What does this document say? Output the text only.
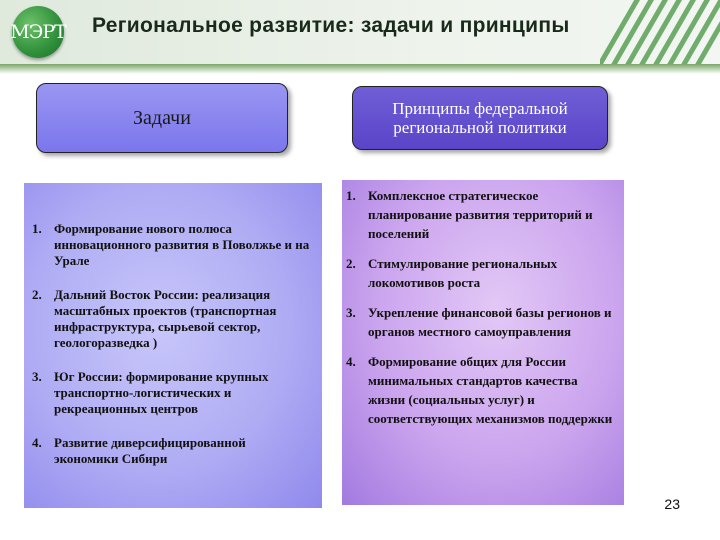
МЭРТ Региональное развитие: задачи и принципы
Задачи	Принципы федеральной региональной политики
1. Формирование нового полюса инновационного развития в Поволжье и на Урале
2. Дальний Восток России: реализация масштабных проектов (транспортная инфраструктура, сырьевой сектор, геологоразведка )
3. Юг России: формирование крупных транспортно-логистических и рекреационных центров
4. Развитие диверсифицированной экономики Сибири
1. Комплексное стратегическое планирование развития территорий и поселений
2. Стимулирование региональных локомотивов роста
3. Укрепление финансовой базы регионов и органов местного самоуправления
4. Формирование общих для России минимальных стандартов качества жизни (социальных услуг) и соответствующих механизмов поддержки
23
